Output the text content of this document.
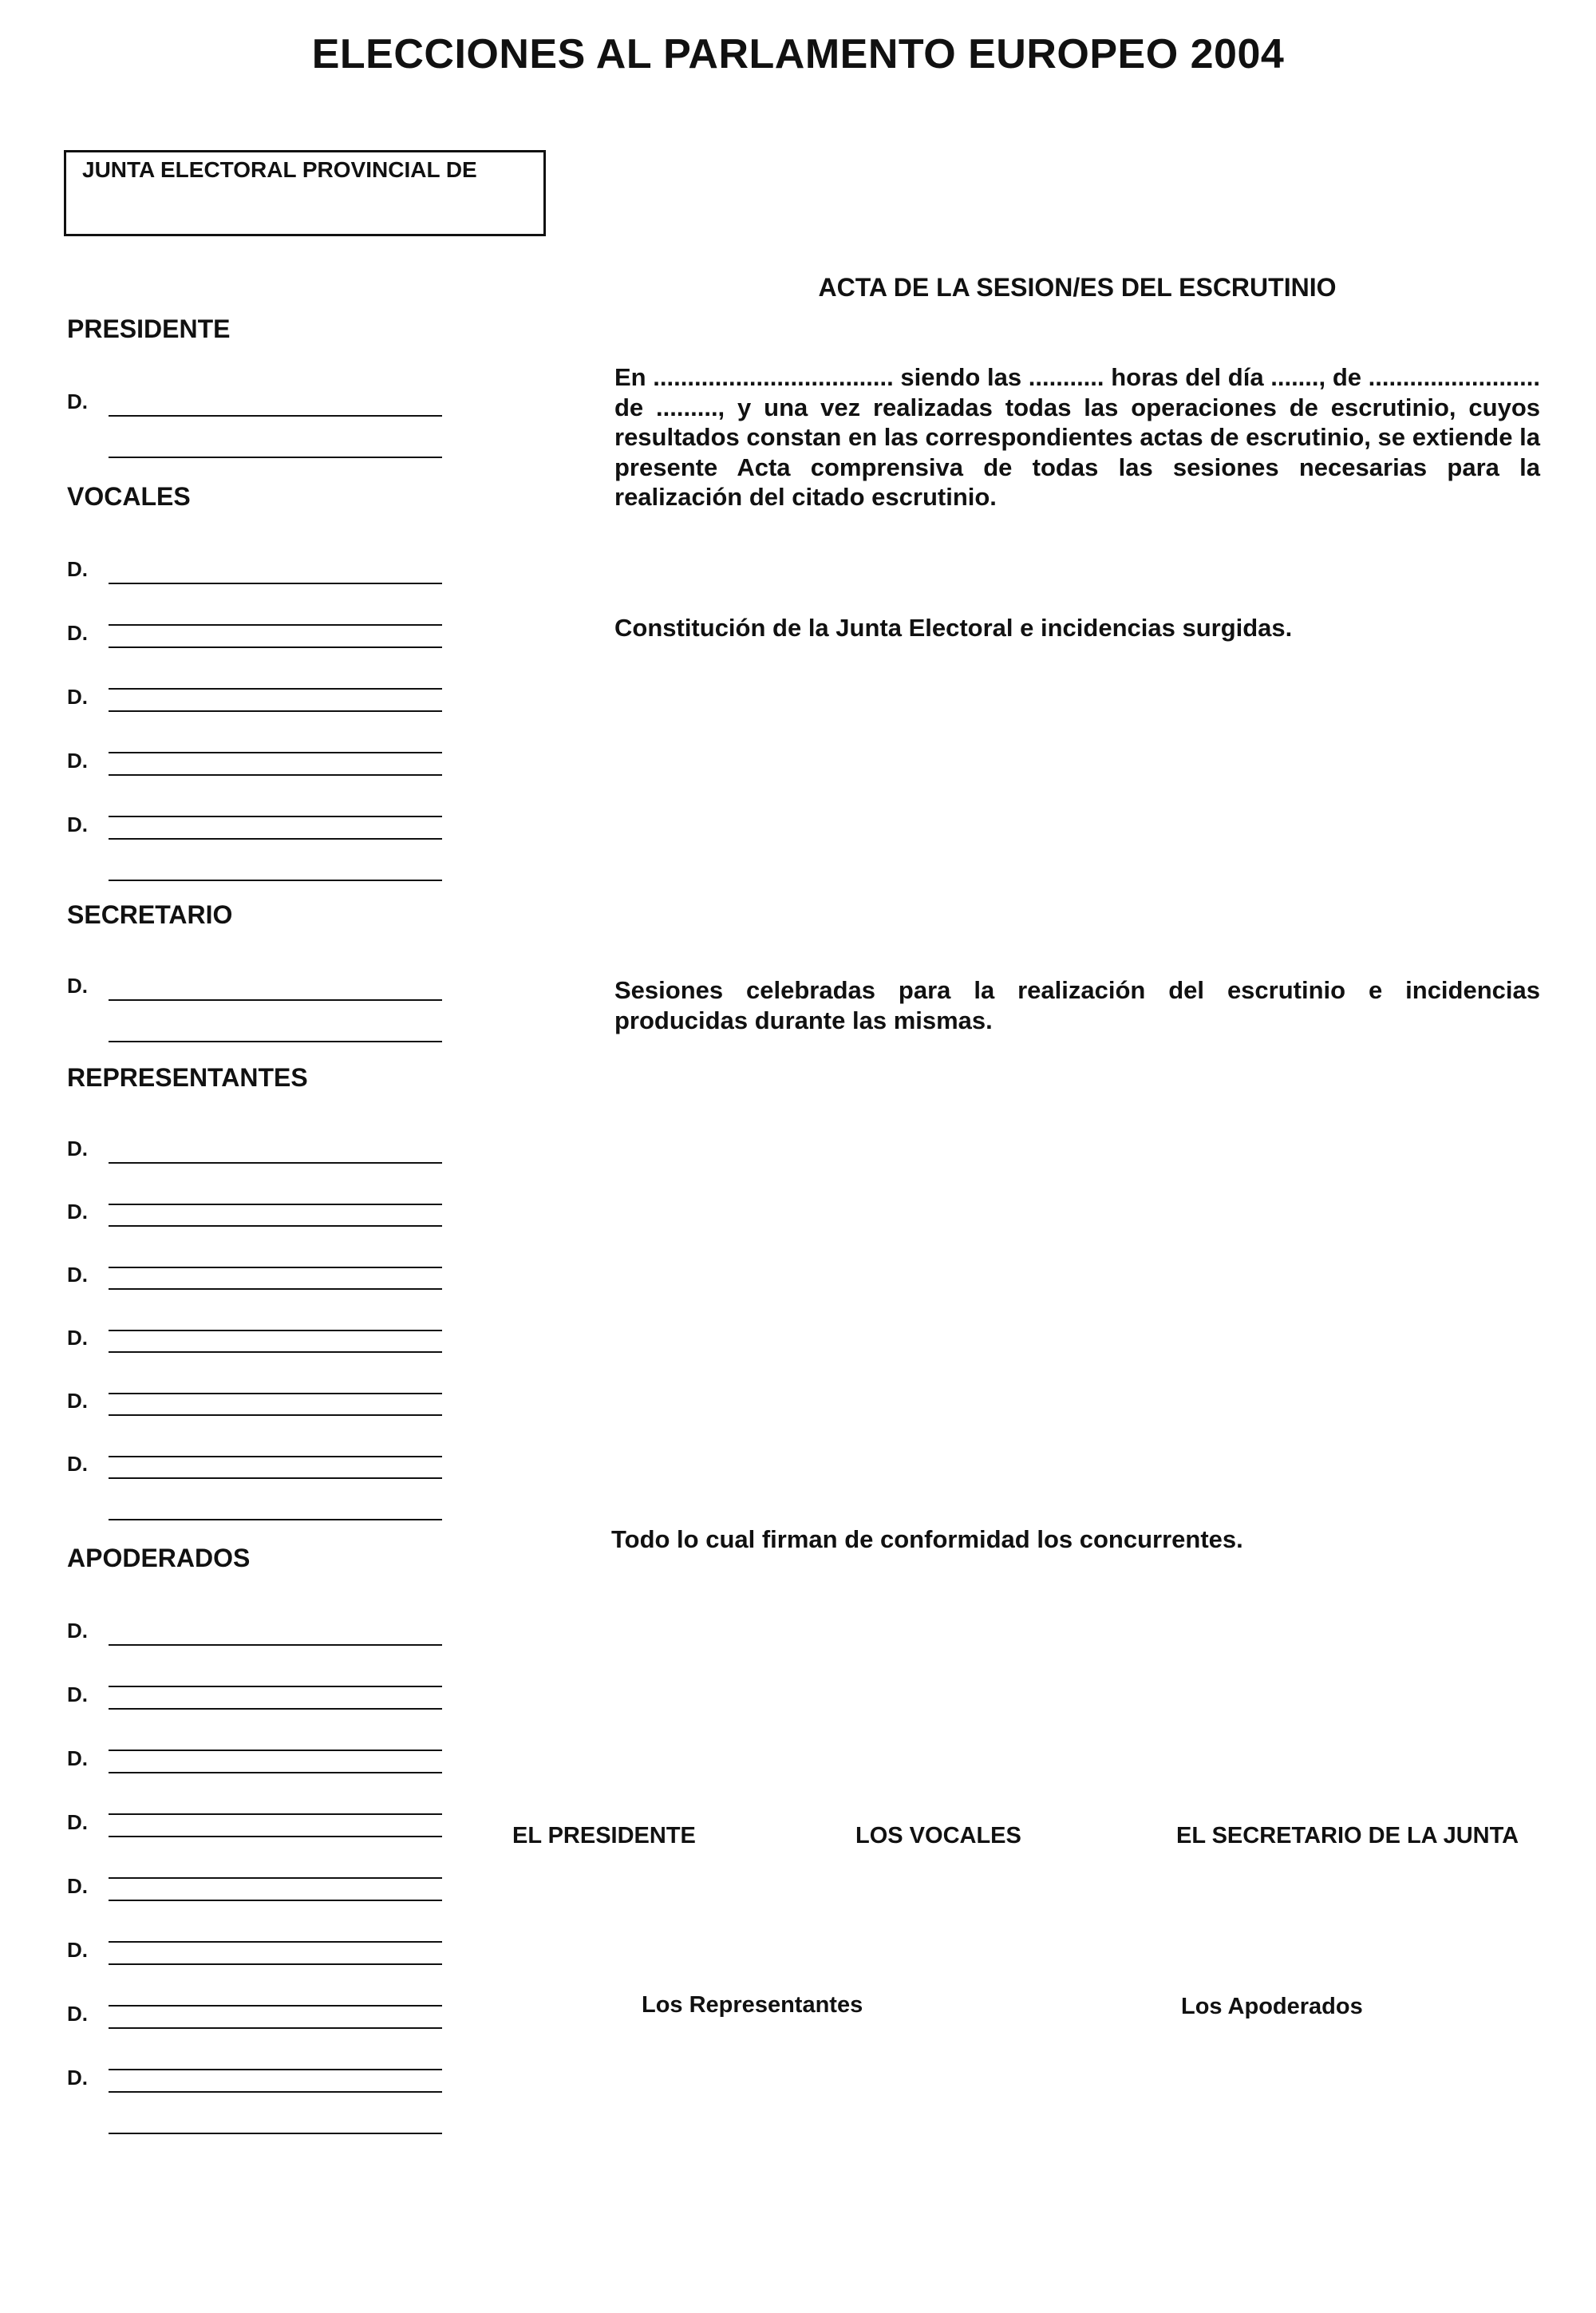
ELECCIONES AL PARLAMENTO EUROPEO 2004
JUNTA ELECTORAL PROVINCIAL DE
PRESIDENTE
D.
VOCALES
D.
D.
D.
D.
D.
SECRETARIO
D.
REPRESENTANTES
D.
D.
D.
D.
D.
D.
APODERADOS
D.
D.
D.
D.
D.
D.
D.
D.
ACTA DE LA SESION/ES DEL ESCRUTINIO
En ................................... siendo las ........... horas del día ......., de ......................... de ........., y una vez realizadas todas las operaciones de escrutinio, cuyos resultados constan en las correspondientes actas de escrutinio, se extiende la presente Acta comprensiva de todas las sesiones necesarias para la realización del citado escrutinio.
Constitución de la Junta Electoral e incidencias surgidas.
Sesiones celebradas para la realización del escrutinio e incidencias producidas durante las mismas.
Todo lo cual firman de conformidad los concurrentes.
EL PRESIDENTE	LOS VOCALES	EL SECRETARIO DE LA JUNTA
Los Representantes	Los Apoderados
